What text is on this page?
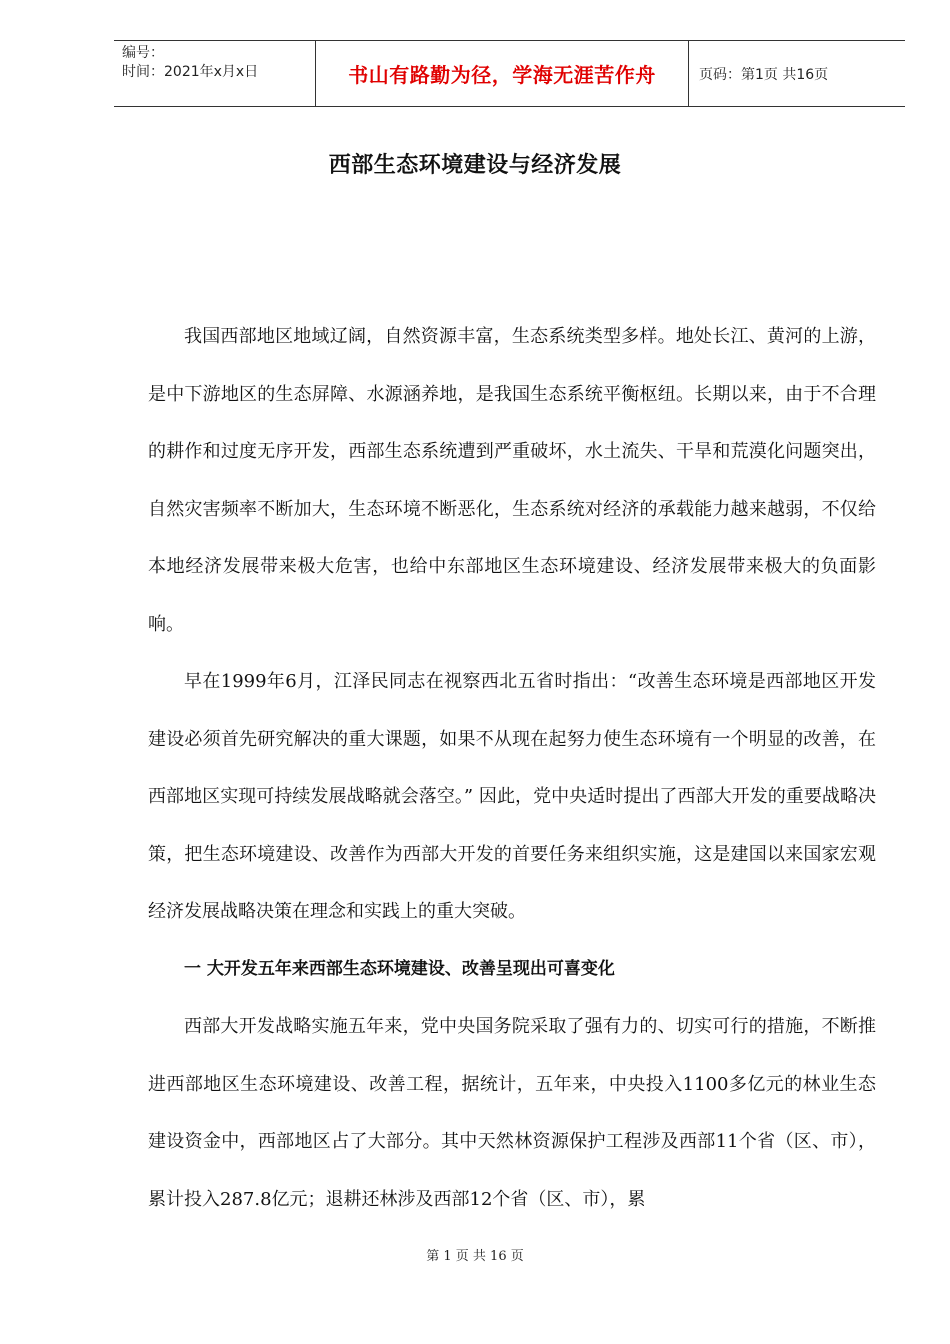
编号：
时间：2021年x月x日	书山有路勤为径，学海无涯苦作舟	页码：第1页 共16页
西部生态环境建设与经济发展

我国西部地区地域辽阔，自然资源丰富，生态系统类型多样。地处长江、黄河的上游，是中下游地区的生态屏障、水源涵养地，是我国生态系统平衡枢纽。长期以来，由于不合理的耕作和过度无序开发，西部生态系统遭到严重破坏，水土流失、干旱和荒漠化问题突出，自然灾害频率不断加大，生态环境不断恶化，生态系统对经济的承载能力越来越弱，不仅给本地经济发展带来极大危害，也给中东部地区生态环境建设、经济发展带来极大的负面影响。

早在1999年6月，江泽民同志在视察西北五省时指出：“改善生态环境是西部地区开发建设必须首先研究解决的重大课题，如果不从现在起努力使生态环境有一个明显的改善，在西部地区实现可持续发展战略就会落空。” 因此，党中央适时提出了西部大开发的重要战略决策，把生态环境建设、改善作为西部大开发的首要任务来组织实施，这是建国以来国家宏观经济发展战略决策在理念和实践上的重大突破。

一 大开发五年来西部生态环境建设、改善呈现出可喜变化

西部大开发战略实施五年来，党中央国务院采取了强有力的、切实可行的措施，不断推进西部地区生态环境建设、改善工程，据统计，五年来，中央投入1100多亿元的林业生态建设资金中，西部地区占了大部分。其中天然林资源保护工程涉及西部11个省（区、市），累计投入287.8亿元；退耕还林涉及西部12个省（区、市），累

第 1 页 共 16 页
